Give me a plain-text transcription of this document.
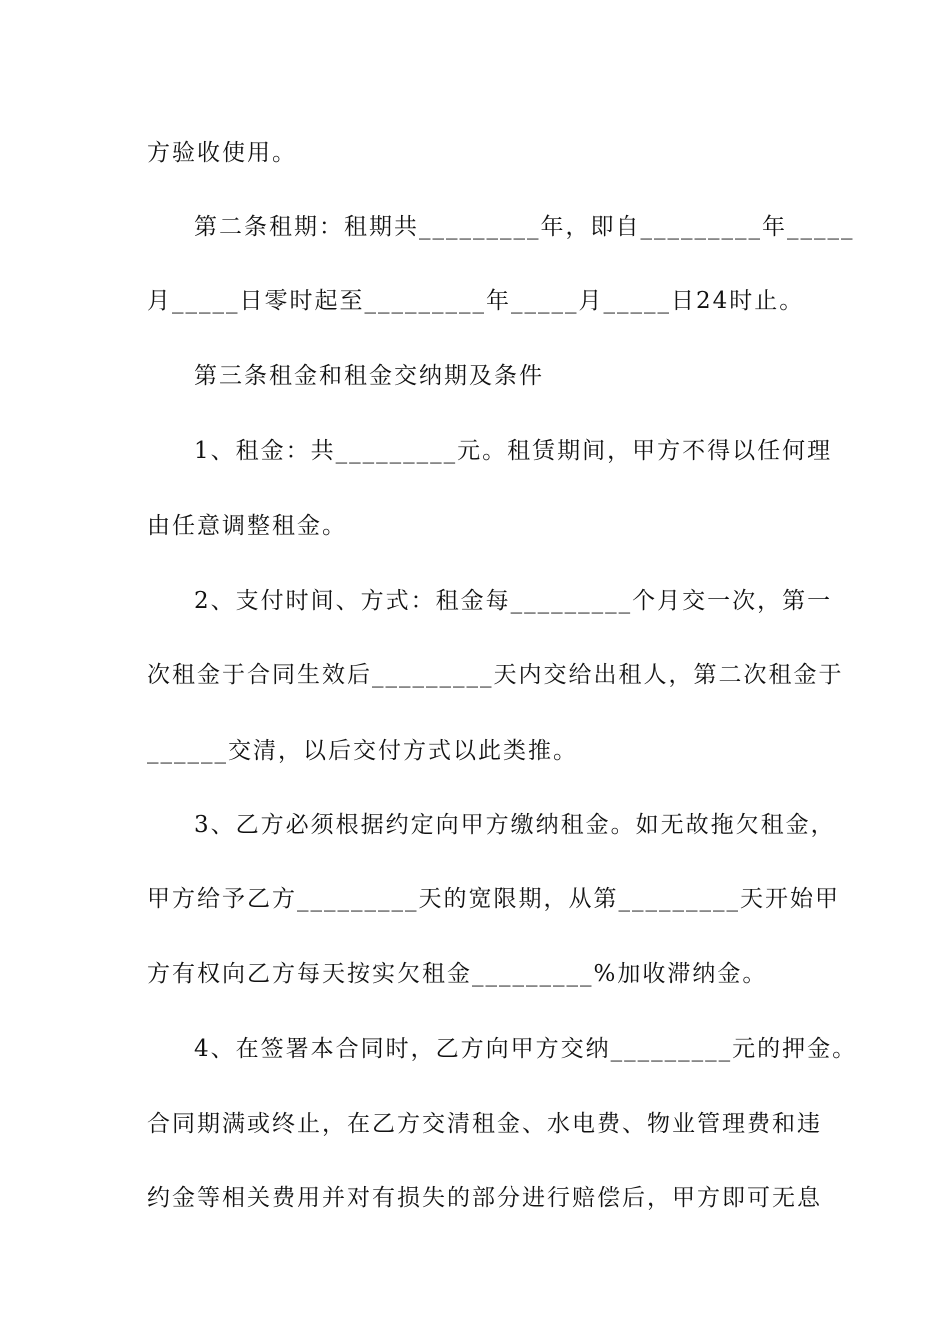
方验收使用。
第二条租期：租期共_________年，即自_________年_____
月_____日零时起至_________年_____月_____日24时止。
第三条租金和租金交纳期及条件
1、租金：共_________元。租赁期间，甲方不得以任何理
由任意调整租金。
2、支付时间、方式：租金每_________个月交一次，第一
次租金于合同生效后_________天内交给出租人，第二次租金于
______交清，以后交付方式以此类推。
3、乙方必须根据约定向甲方缴纳租金。如无故拖欠租金，
甲方给予乙方_________天的宽限期，从第_________天开始甲
方有权向乙方每天按实欠租金_________%加收滞纳金。
4、在签署本合同时，乙方向甲方交纳_________元的押金。
合同期满或终止，在乙方交清租金、水电费、物业管理费和违
约金等相关费用并对有损失的部分进行赔偿后，甲方即可无息
